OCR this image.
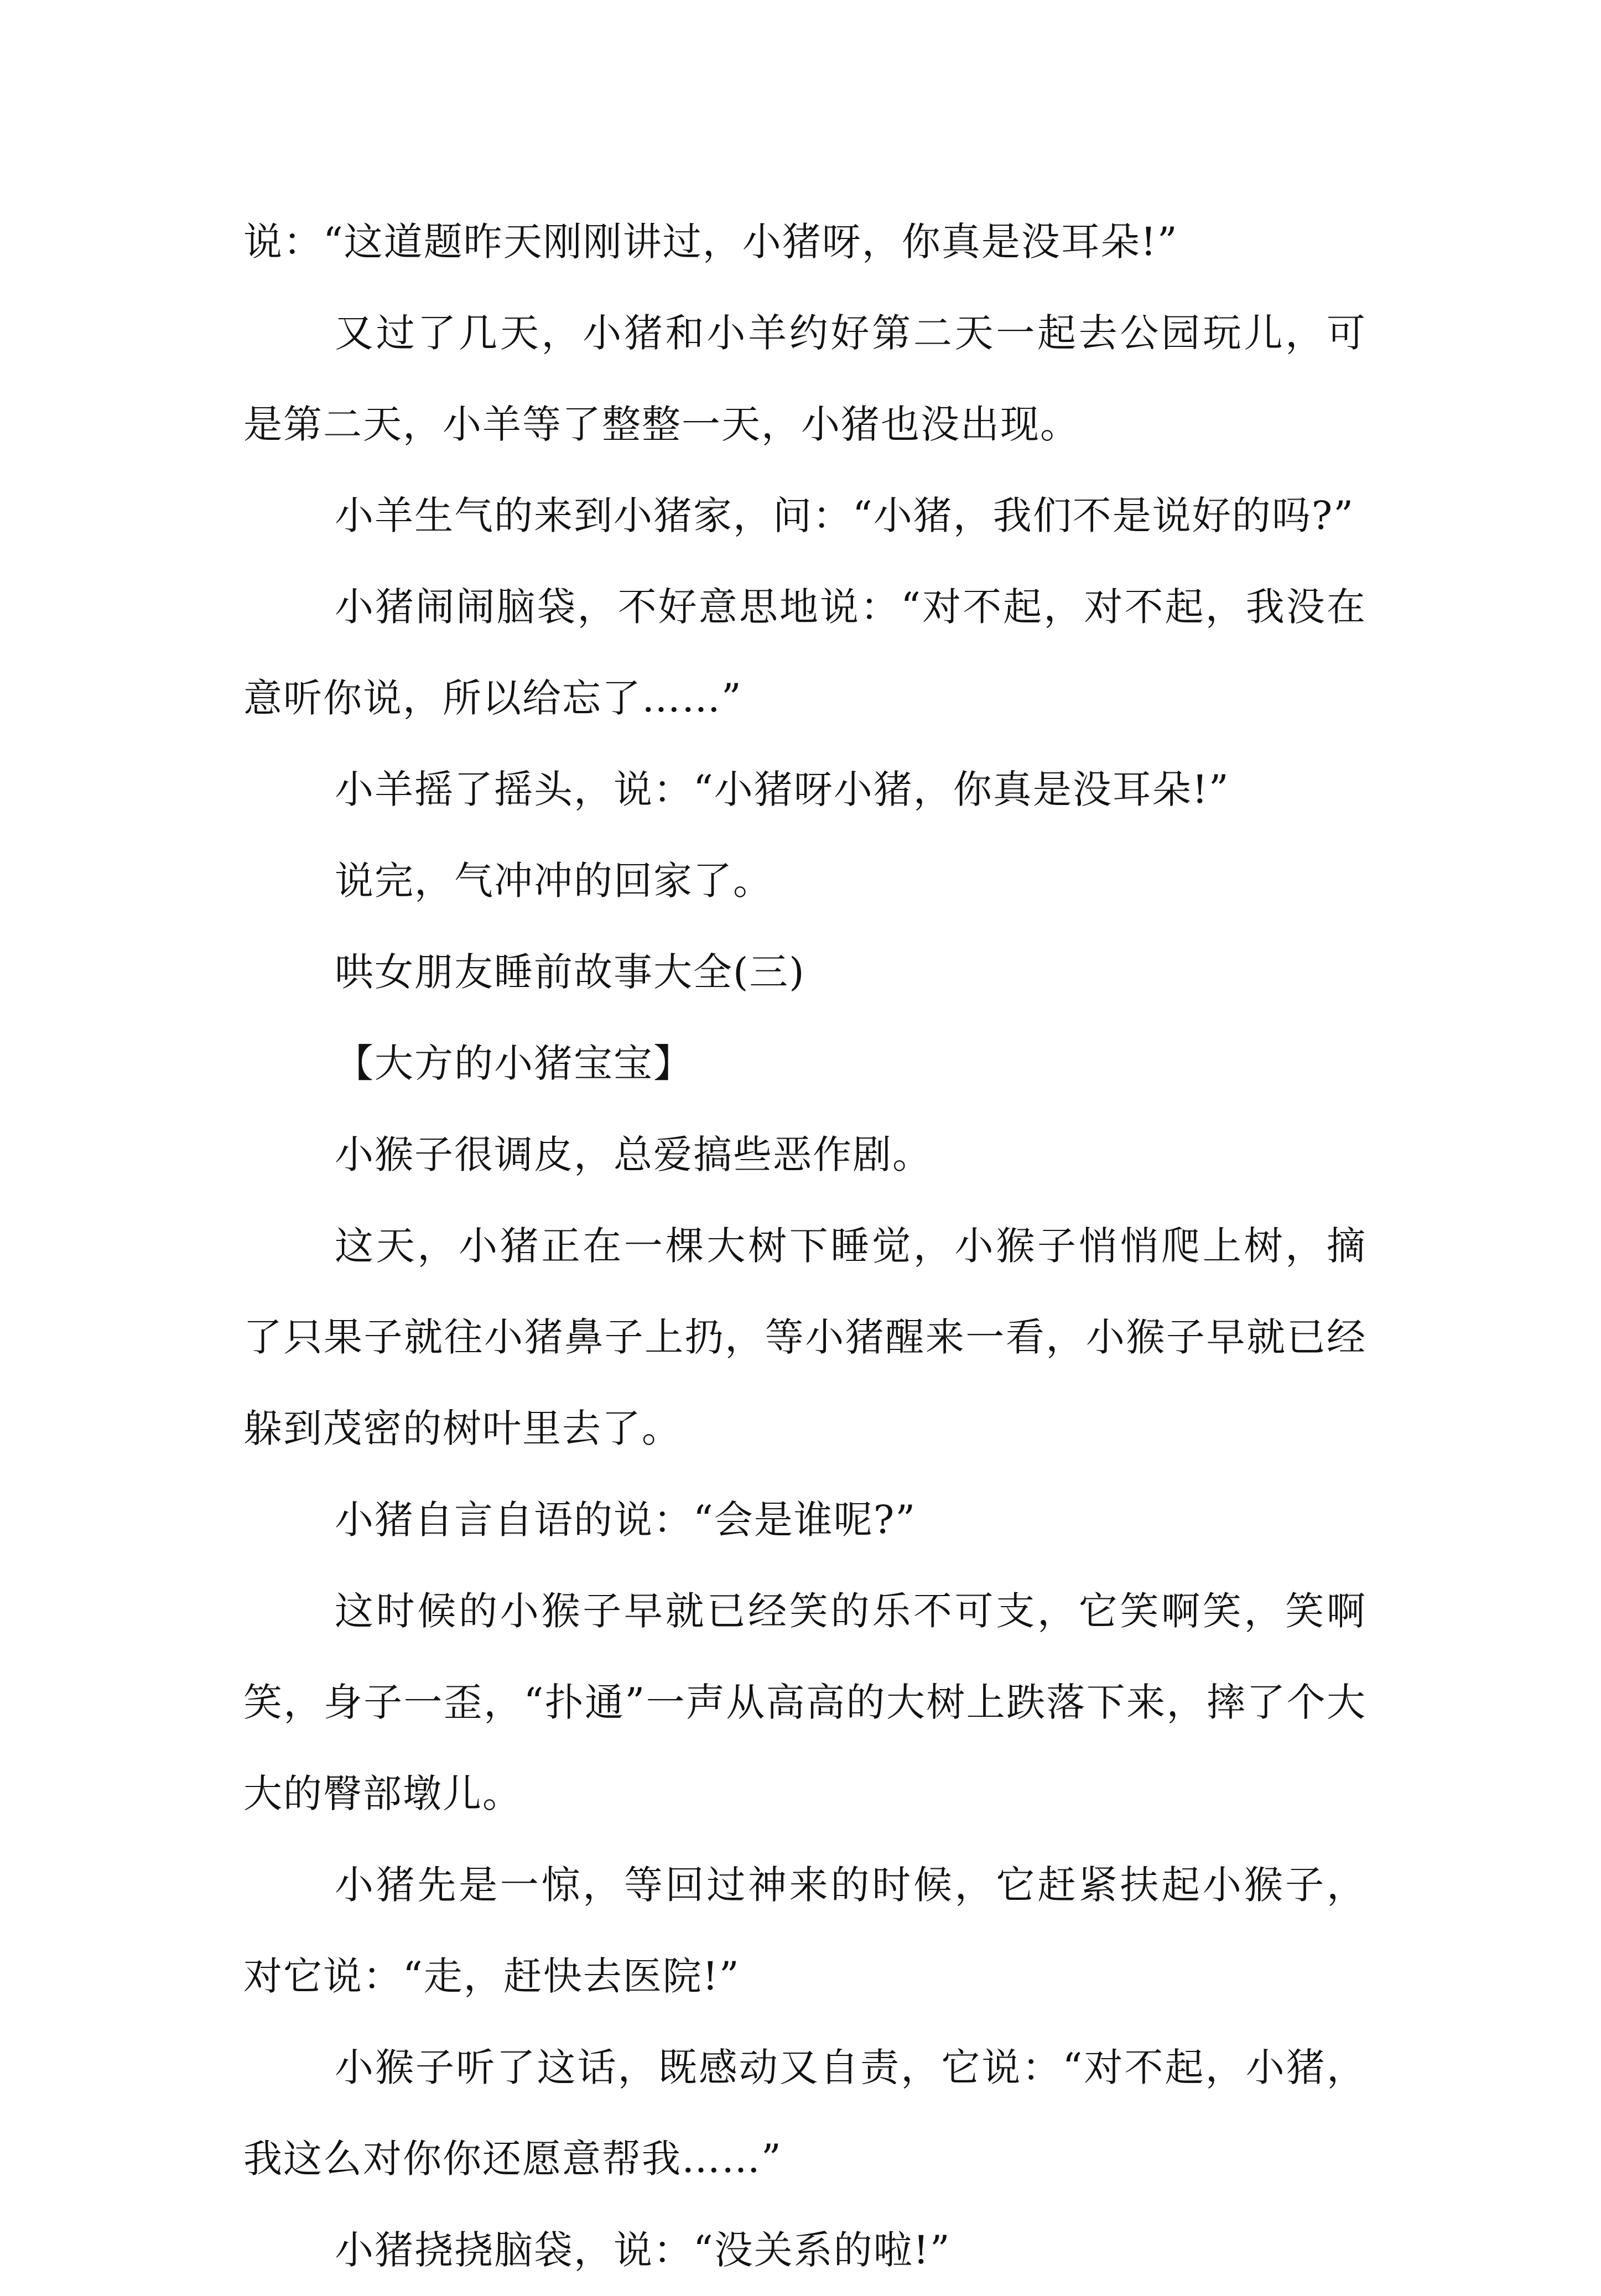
说：“这道题昨天刚刚讲过，小猪呀，你真是没耳朵!”

又过了几天，小猪和小羊约好第二天一起去公园玩儿，可是第二天，小羊等了整整一天，小猪也没出现。

小羊生气的来到小猪家，问：“小猪，我们不是说好的吗?”

小猪闹闹脑袋，不好意思地说：“对不起，对不起，我没在意听你说，所以给忘了……”

小羊摇了摇头，说：“小猪呀小猪，你真是没耳朵!”

说完，气冲冲的回家了。

哄女朋友睡前故事大全(三)

【大方的小猪宝宝】

小猴子很调皮，总爱搞些恶作剧。

这天，小猪正在一棵大树下睡觉，小猴子悄悄爬上树，摘了只果子就往小猪鼻子上扔，等小猪醒来一看，小猴子早就已经躲到茂密的树叶里去了。

小猪自言自语的说：“会是谁呢?”

这时候的小猴子早就已经笑的乐不可支，它笑啊笑，笑啊笑，身子一歪，“扑通”一声从高高的大树上跌落下来，摔了个大大的臀部墩儿。

小猪先是一惊，等回过神来的时候，它赶紧扶起小猴子，对它说：“走，赶快去医院!”

小猴子听了这话，既感动又自责，它说：“对不起，小猪，我这么对你你还愿意帮我……”

小猪挠挠脑袋，说：“没关系的啦!”
